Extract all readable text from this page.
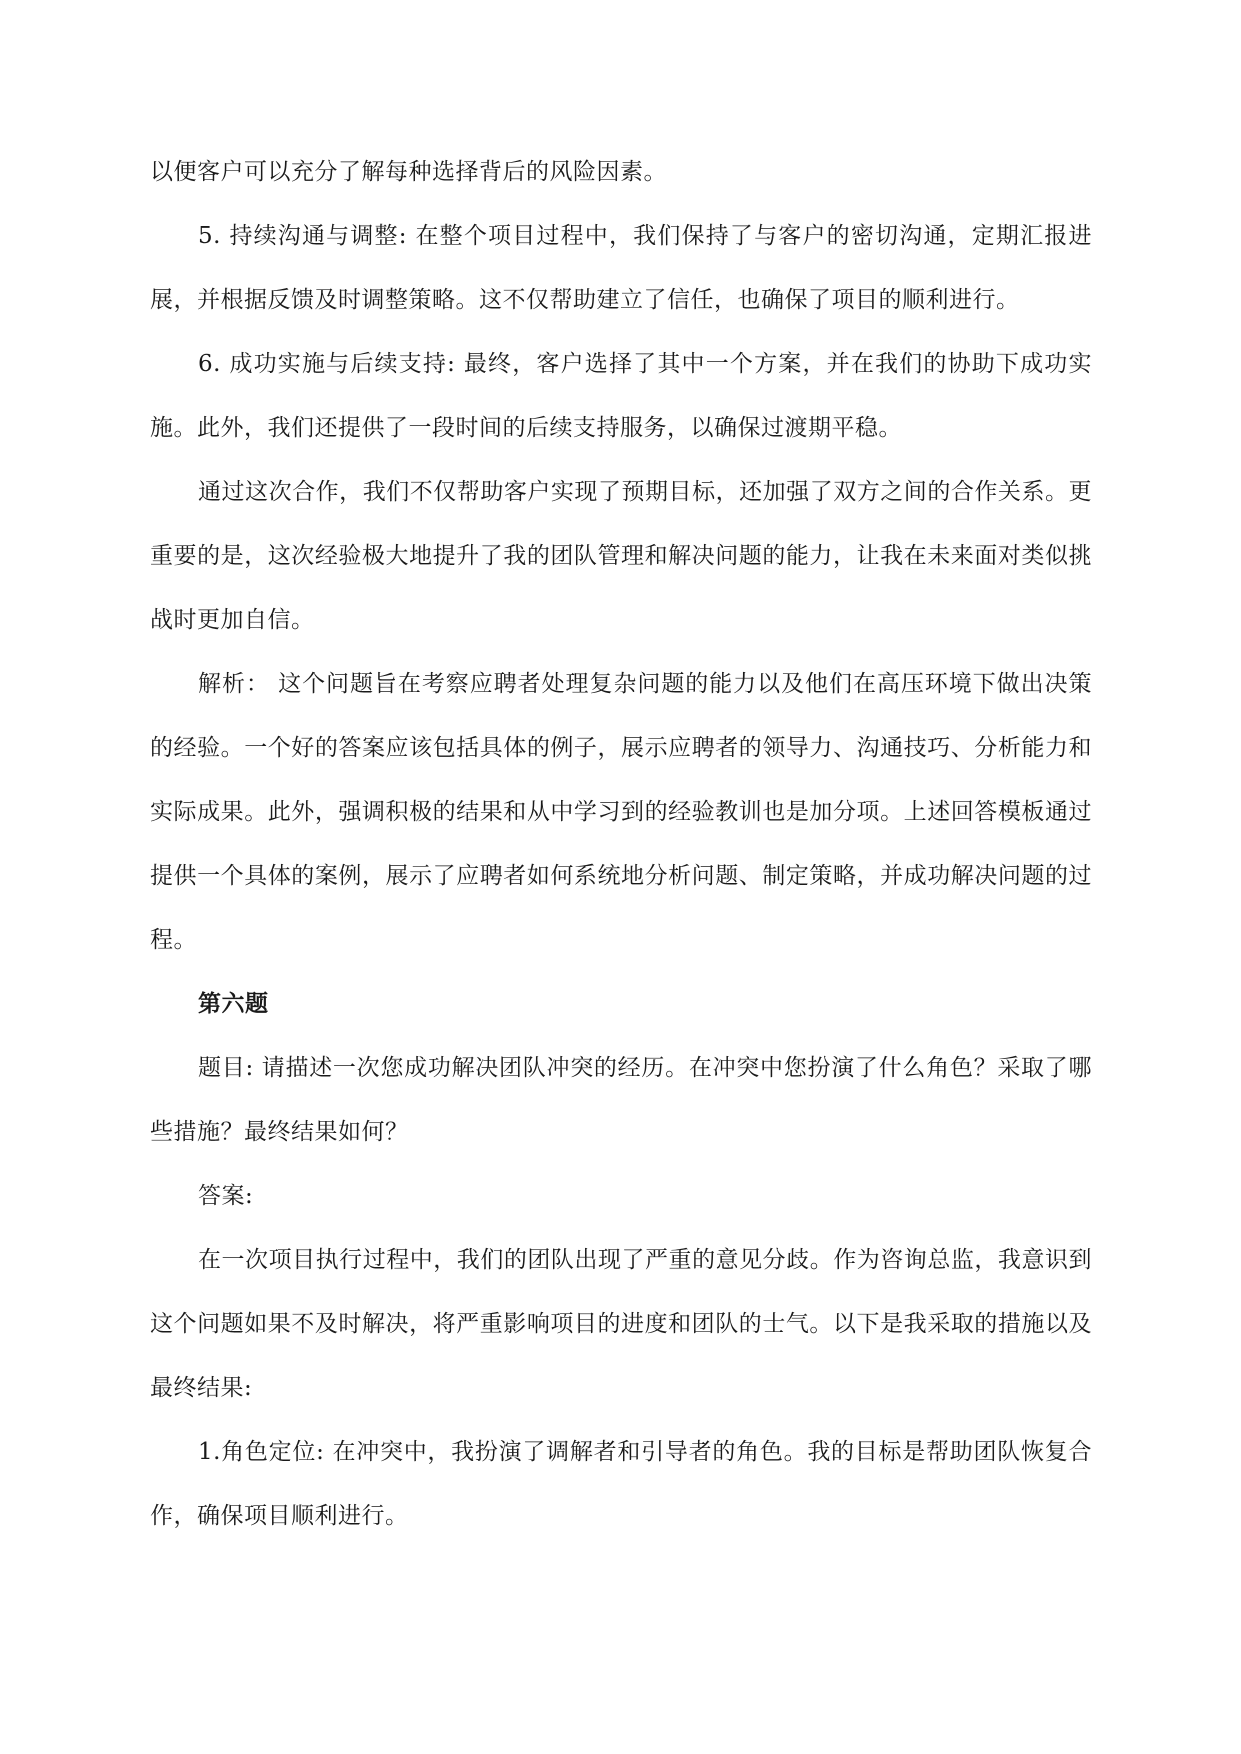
以便客户可以充分了解每种选择背后的风险因素。

5. 持续沟通与调整: 在整个项目过程中，我们保持了与客户的密切沟通，定期汇报进展，并根据反馈及时调整策略。这不仅帮助建立了信任，也确保了项目的顺利进行。

6. 成功实施与后续支持: 最终，客户选择了其中一个方案，并在我们的协助下成功实施。此外，我们还提供了一段时间的后续支持服务，以确保过渡期平稳。

通过这次合作，我们不仅帮助客户实现了预期目标，还加强了双方之间的合作关系。更重要的是，这次经验极大地提升了我的团队管理和解决问题的能力，让我在未来面对类似挑战时更加自信。

解析： 这个问题旨在考察应聘者处理复杂问题的能力以及他们在高压环境下做出决策的经验。一个好的答案应该包括具体的例子，展示应聘者的领导力、沟通技巧、分析能力和实际成果。此外，强调积极的结果和从中学习到的经验教训也是加分项。上述回答模板通过提供一个具体的案例，展示了应聘者如何系统地分析问题、制定策略，并成功解决问题的过程。

第六题

题目: 请描述一次您成功解决团队冲突的经历。在冲突中您扮演了什么角色？采取了哪些措施？最终结果如何？

答案:

在一次项目执行过程中，我们的团队出现了严重的意见分歧。作为咨询总监，我意识到这个问题如果不及时解决，将严重影响项目的进度和团队的士气。以下是我采取的措施以及最终结果:

1.角色定位: 在冲突中，我扮演了调解者和引导者的角色。我的目标是帮助团队恢复合作，确保项目顺利进行。
